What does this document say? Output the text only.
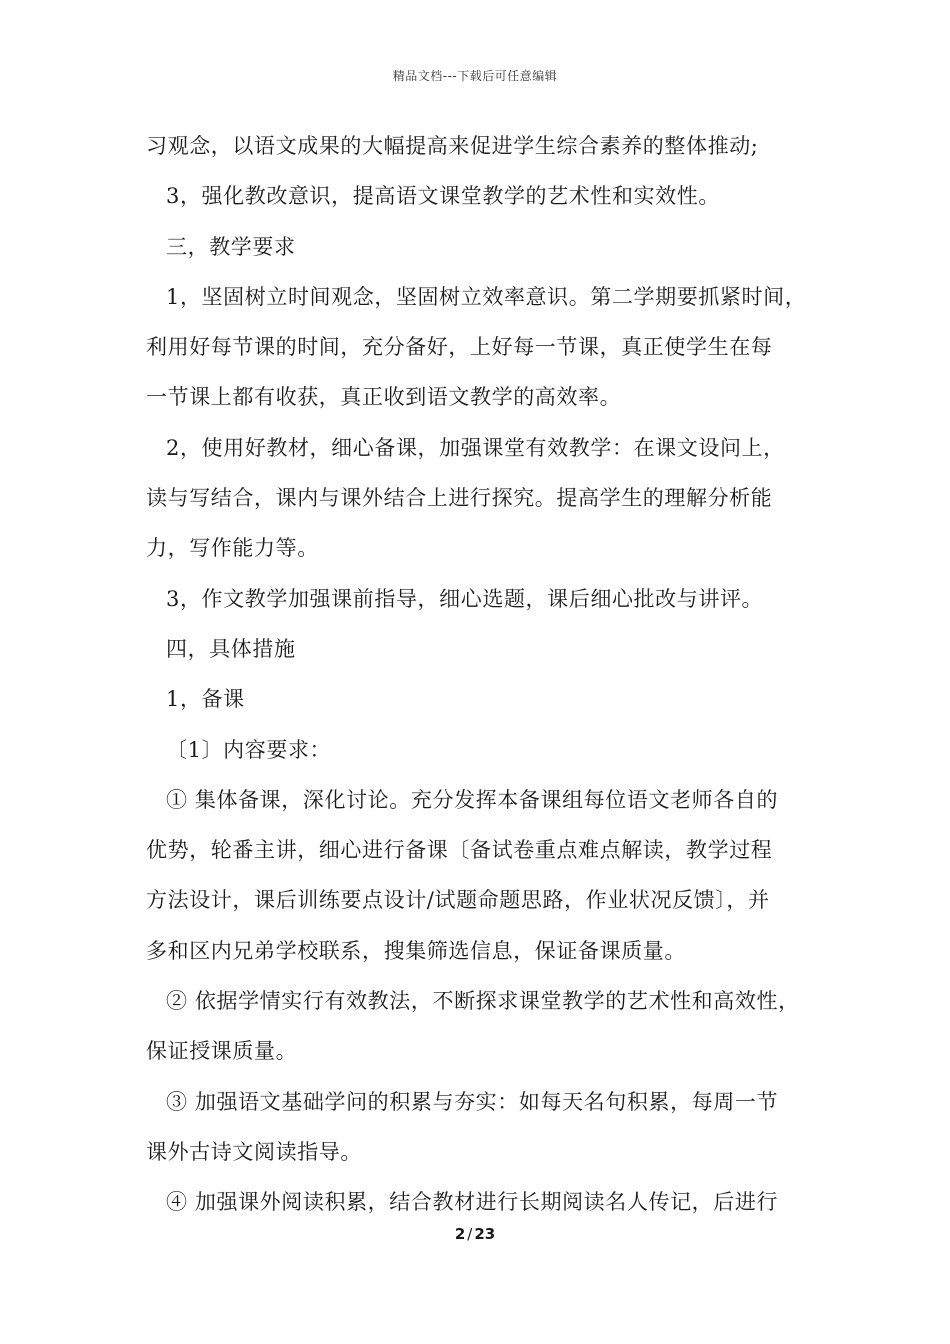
精品文档---下载后可任意编辑
习观念，以语文成果的大幅提高来促进学生综合素养的整体推动;
3，强化教改意识，提高语文课堂教学的艺术性和实效性。
三，教学要求
1，坚固树立时间观念，坚固树立效率意识。第二学期要抓紧时间，
利用好每节课的时间，充分备好，上好每一节课，真正使学生在每
一节课上都有收获，真正收到语文教学的高效率。
2，使用好教材，细心备课，加强课堂有效教学：在课文设问上，
读与写结合，课内与课外结合上进行探究。提高学生的理解分析能
力，写作能力等。
3，作文教学加强课前指导，细心选题，课后细心批改与讲评。
四，具体措施
1，备课
〔1〕内容要求：
① 集体备课，深化讨论。充分发挥本备课组每位语文老师各自的
优势，轮番主讲，细心进行备课〔备试卷重点难点解读，教学过程
方法设计，课后训练要点设计/试题命题思路，作业状况反馈〕，并
多和区内兄弟学校联系，搜集筛选信息，保证备课质量。
② 依据学情实行有效教法，不断探求课堂教学的艺术性和高效性，
保证授课质量。
③ 加强语文基础学问的积累与夯实：如每天名句积累，每周一节
课外古诗文阅读指导。
④ 加强课外阅读积累，结合教材进行长期阅读名人传记，后进行
2 / 23
